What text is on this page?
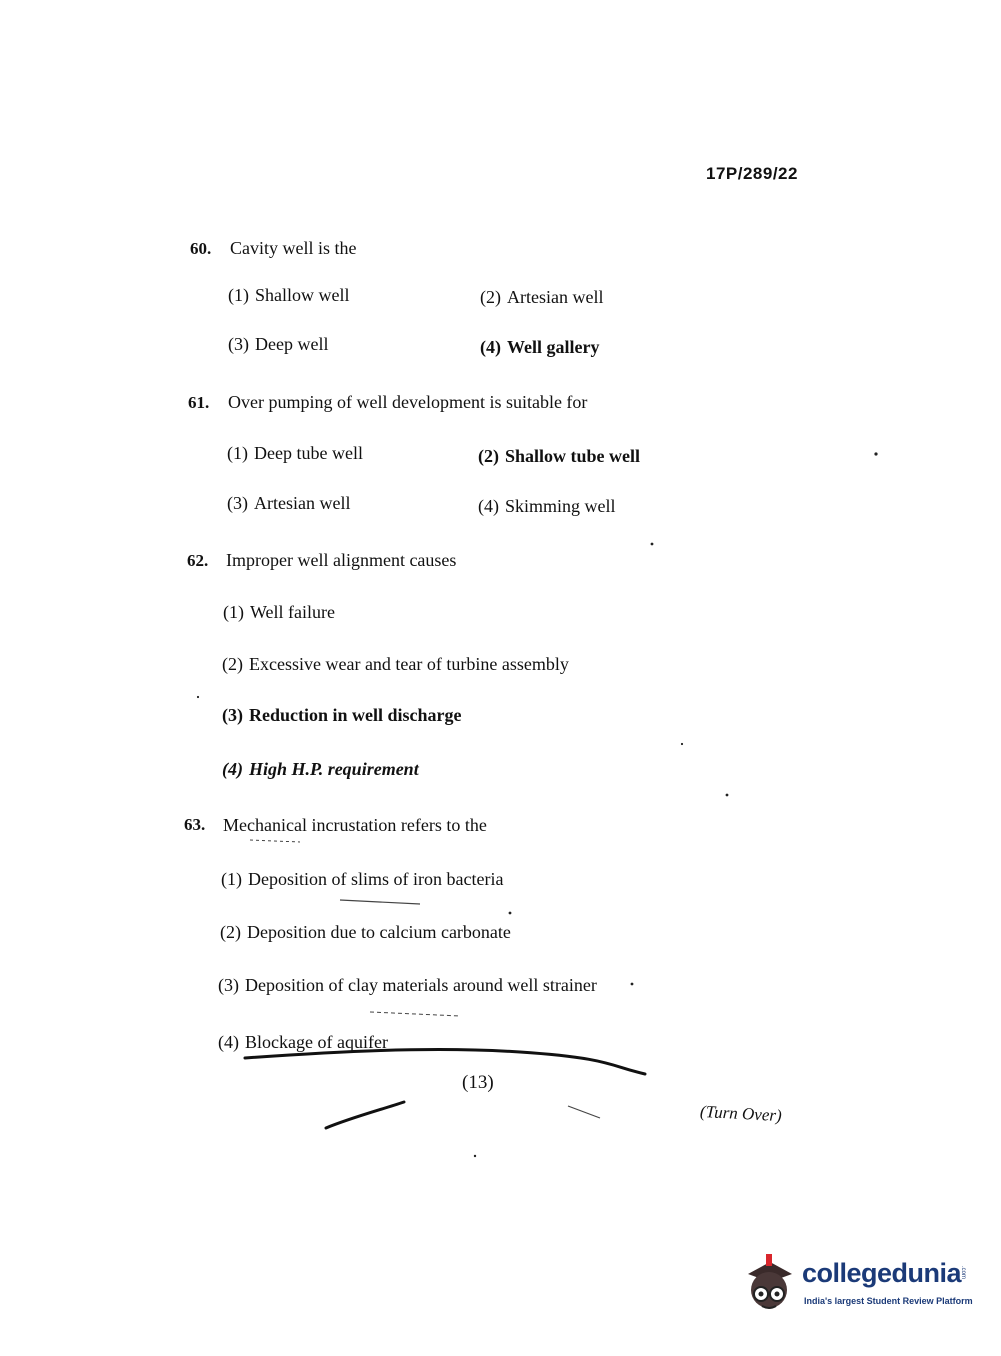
17P/289/22
60. Cavity well is the
(1) Shallow well	(2) Artesian well
(3) Deep well	(4) Well gallery
61. Over pumping of well development is suitable for
(1) Deep tube well	(2) Shallow tube well
(3) Artesian well	(4) Skimming well
62. Improper well alignment causes
(1) Well failure
(2) Excessive wear and tear of turbine assembly
(3) Reduction in well discharge
(4) High H.P. requirement
63. Mechanical incrustation refers to the
(1) Deposition of slims of iron bacteria
(2) Deposition due to calcium carbonate
(3) Deposition of clay materials around well strainer
(4) Blockage of aquifer
(13)
(Turn Over)
collegedunia
.com
India's largest Student Review Platform
